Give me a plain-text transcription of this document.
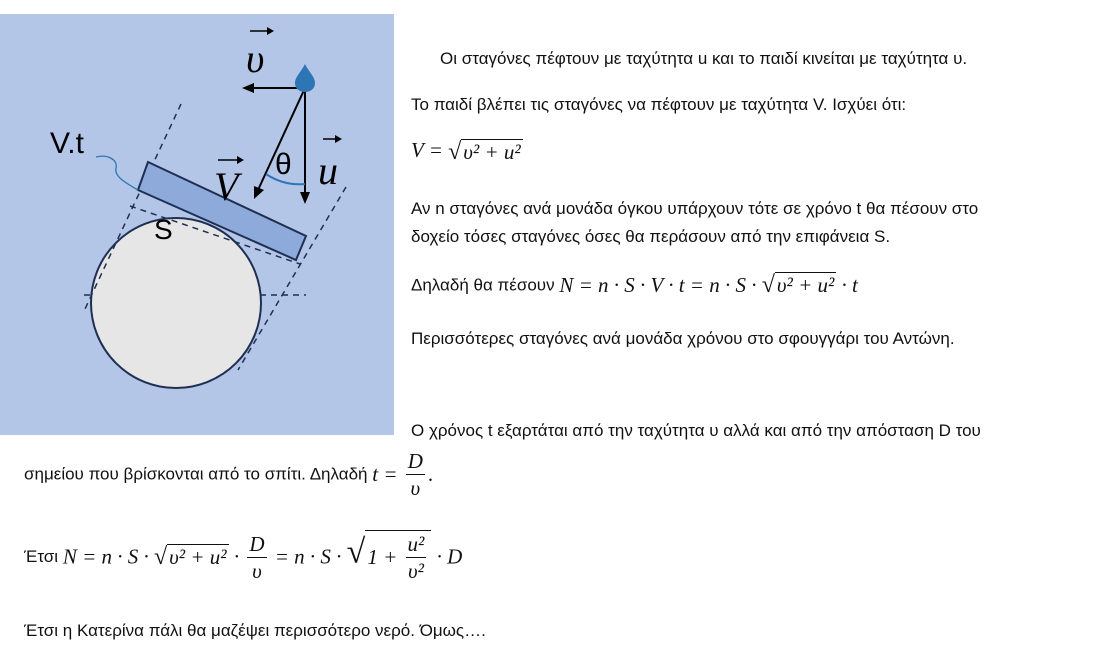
V.t
S
θ
υ
V u
Οι σταγόνες πέφτουν με ταχύτητα u και το παιδί κινείται με ταχύτητα υ.
Το παιδί βλέπει τις σταγόνες να πέφτουν με ταχύτητα V. Ισχύει ότι:
V = √υ² + u²
Αν n σταγόνες ανά μονάδα όγκου υπάρχουν τότε σε χρόνο t θα πέσουν στο
δοχείο τόσες σταγόνες όσες θα περάσουν από την επιφάνεια S.
Δηλαδή θα πέσουν N = n · S · V · t = n · S · √υ² + u² · t
Περισσότερες σταγόνες ανά μονάδα χρόνου στο σφουγγάρι του Αντώνη.
Ο χρόνος t εξαρτάται από την ταχύτητα υ αλλά και από την απόσταση D του
σημείου που βρίσκονται από το σπίτι. Δηλαδή $t = \frac{D}{\upsilon}$ .
Έτσι $N = n \cdot S \cdot √\upsilon^2 + u^2 \cdot \frac{D}{\upsilon} = n \cdot S \cdot √1 + \frac{\text{u²}}{\text{υ²}} \cdot D$
Έτσι η Κατερίνα πάλι θα μαζέψει περισσότερο νερό. Όμως….
